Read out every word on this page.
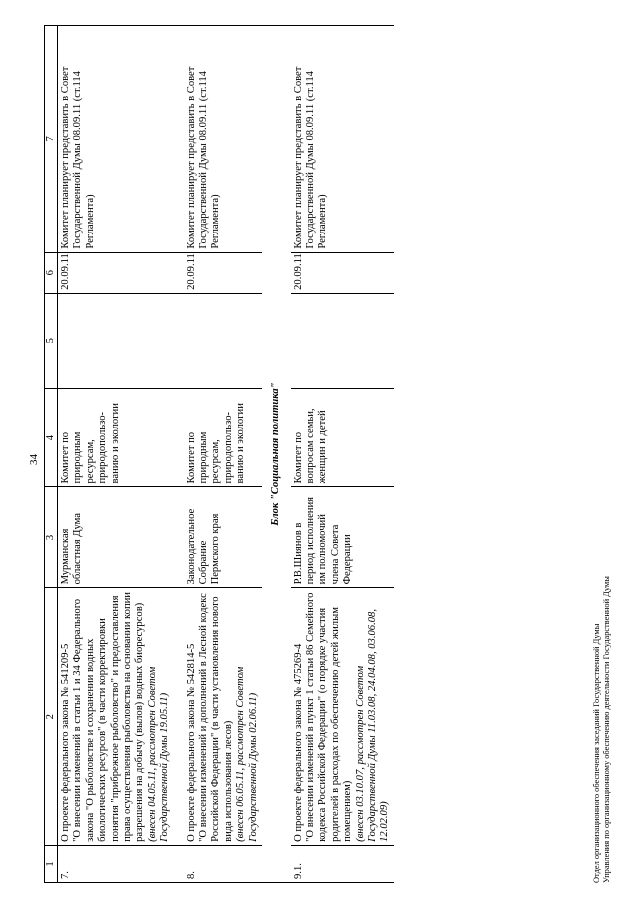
34
1	2	3	4	5	6	7
7.	О проекте федерального закона № 541209-5
"О внесении изменений в статьи 1 и 34 Федерального закона "О рыболовстве и сохранении водных биологических ресурсов" (в части корректировки понятия "прибрежное рыболовство" и предоставления права осуществления рыболовства на основании копии разрешения на добычу (вылов) водных биоресурсов)
(внесен 04.05.11, рассмотрен Советом Государственной Думы 19.05.11)	Мурманская областная Дума	Комитет по природным ресурсам, природопользо-ванию и экологии		20.09.11	Комитет планирует представить в Совет Государственной Думы 08.09.11 (ст.114 Регламента)

8.	О проекте федерального закона № 542814-5
"О внесении изменений и дополнений в Лесной кодекс Российской Федерации" (в части установления нового вида использования лесов)
(внесен 06.05.11, рассмотрен Советом Государственной Думы 02.06.11)	Законодательное Собрание Пермского края	Комитет по природным ресурсам, природопользо-ванию и экологии		20.09.11	Комитет планирует представить в Совет Государственной Думы 08.09.11 (ст.114 Регламента)
Блок "Социальная политика"						
9.1.	О проекте федерального закона № 475269-4
"О внесении изменений в пункт 1 статьи 86 Семейного кодекса Российской Федерации" (о порядке участия родителей в расходах по обеспечению детей жилым помещением)
(внесен 03.10.07, рассмотрен Советом Государственной Думы 11.03.08, 24.04.08, 03.06.08, 12.02.09)	Р.В.Шиянов в период исполнения им полномочий члена Совета Федерации	Комитет по вопросам семьи, женщин и детей		20.09.11	Комитет планирует представить в Совет Государственной Думы 08.09.11 (ст.114 Регламента)
Отдел организационного обеспечения заседаний Государственной Думы Управления по организационному обеспечению деятельности Государственной Думы
